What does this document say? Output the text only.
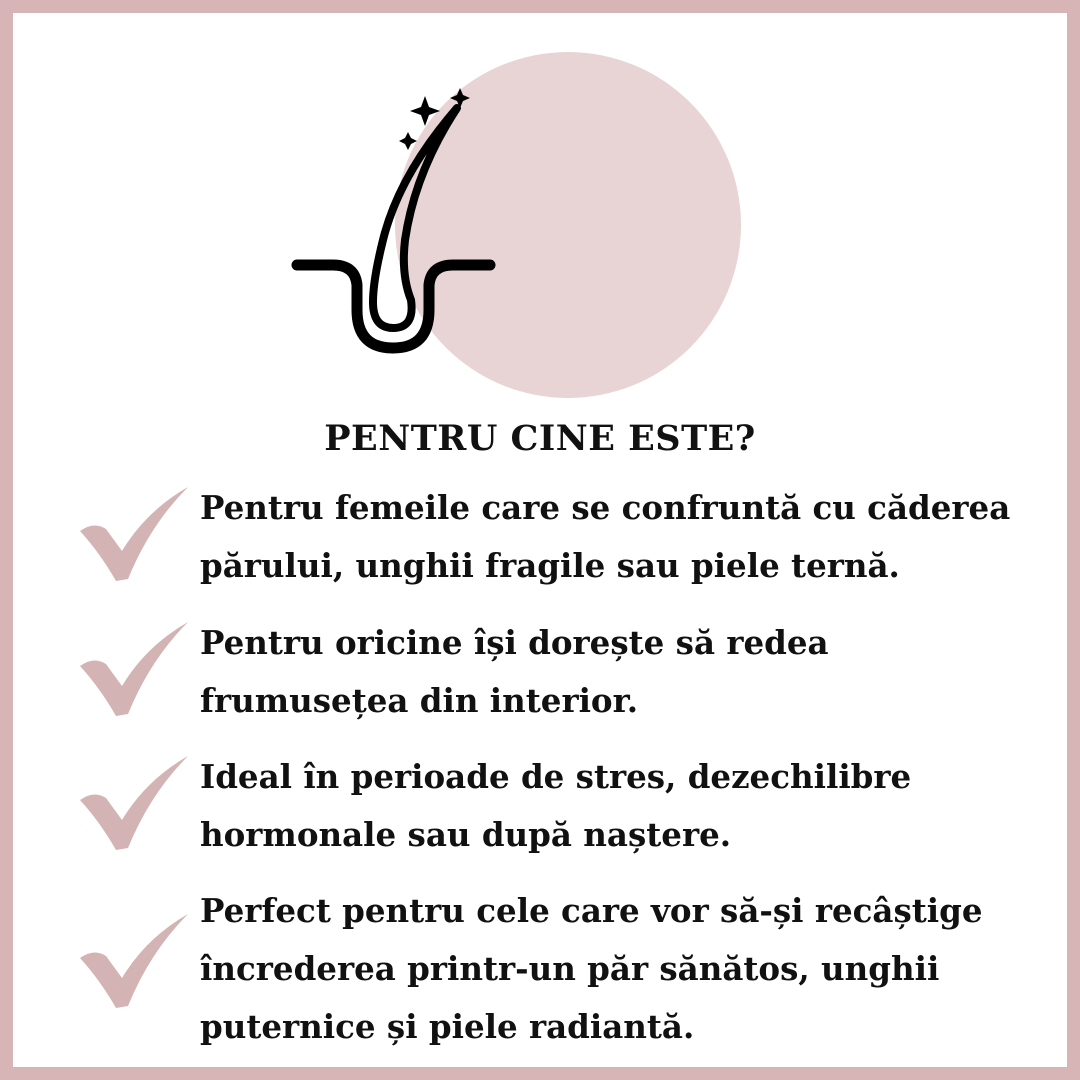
PENTRU CINE ESTE?
Pentru femeile care se confruntă cu căderea
părului, unghii fragile sau piele ternă.
Pentru oricine își dorește să redea
frumusețea din interior.
Ideal în perioade de stres, dezechilibre
hormonale sau după naștere.
Perfect pentru cele care vor să-și recâștige
încrederea printr-un păr sănătos, unghii
puternice și piele radiantă.
